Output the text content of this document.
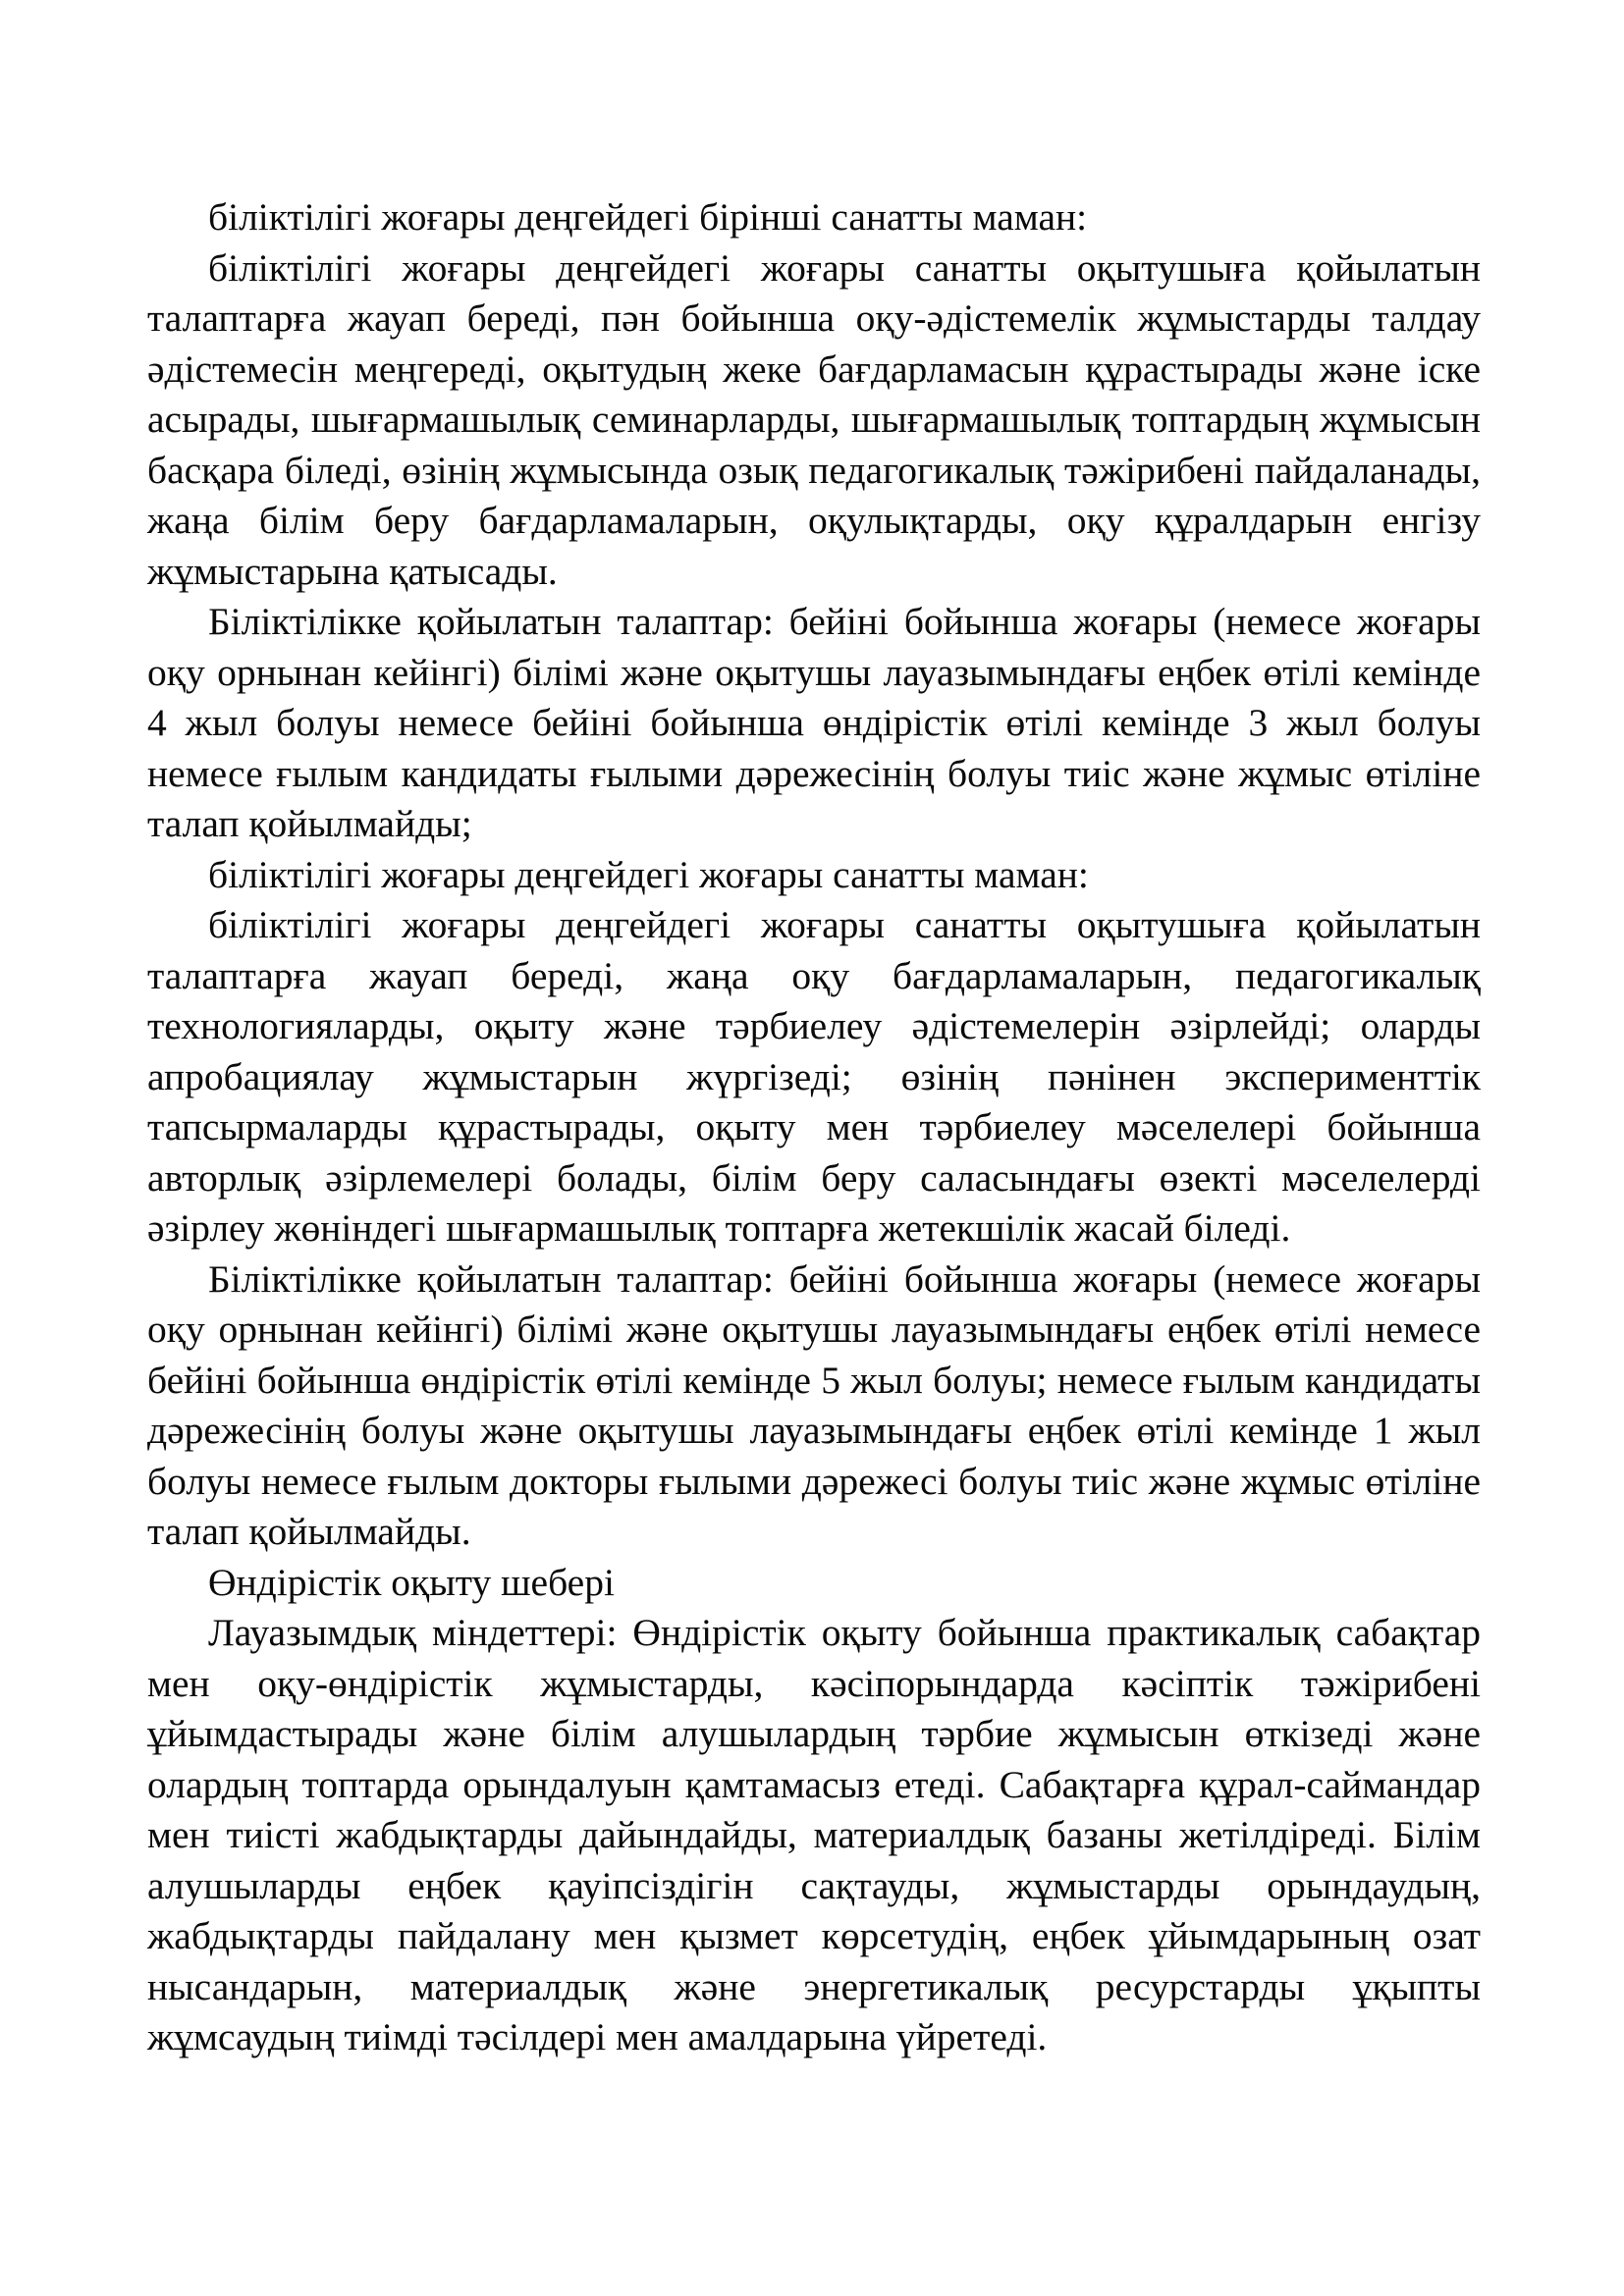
біліктілігі жоғары деңгейдегі бірінші санатты маман:

біліктілігі жоғары деңгейдегі жоғары санатты оқытушыға қойылатын талаптарға жауап береді, пән бойынша оқу-әдістемелік жұмыстарды талдау әдістемесін меңгереді, оқытудың жеке бағдарламасын құрастырады және іске асырады, шығармашылық семинарларды, шығармашылық топтардың жұмысын басқара біледі, өзінің жұмысында озық педагогикалық тәжірибені пайдаланады, жаңа білім беру бағдарламаларын, оқулықтарды, оқу құралдарын енгізу жұмыстарына қатысады.

Біліктілікке қойылатын талаптар: бейіні бойынша жоғары (немесе жоғары оқу орнынан кейінгі) білімі және оқытушы лауазымындағы еңбек өтілі кемінде 4 жыл болуы немесе бейіні бойынша өндірістік өтілі кемінде 3 жыл болуы немесе ғылым кандидаты ғылыми дәрежесінің болуы тиіс және жұмыс өтіліне талап қойылмайды;

біліктілігі жоғары деңгейдегі жоғары санатты маман:

біліктілігі жоғары деңгейдегі жоғары санатты оқытушыға қойылатын талаптарға жауап береді, жаңа оқу бағдарламаларын, педагогикалық технологияларды, оқыту және тәрбиелеу әдістемелерін әзірлейді; оларды апробациялау жұмыстарын жүргізеді; өзінің пәнінен эксперименттік тапсырмаларды құрастырады, оқыту мен тәрбиелеу мәселелері бойынша авторлық әзірлемелері болады, білім беру саласындағы өзекті мәселелерді әзірлеу жөніндегі шығармашылық топтарға жетекшілік жасай біледі.

Біліктілікке қойылатын талаптар: бейіні бойынша жоғары (немесе жоғары оқу орнынан кейінгі) білімі және оқытушы лауазымындағы еңбек өтілі немесе бейіні бойынша өндірістік өтілі кемінде 5 жыл болуы; немесе ғылым кандидаты дәрежесінің болуы және оқытушы лауазымындағы еңбек өтілі кемінде 1 жыл болуы немесе ғылым докторы ғылыми дәрежесі болуы тиіс және жұмыс өтіліне талап қойылмайды.

Өндірістік оқыту шебері

Лауазымдық міндеттері: Өндірістік оқыту бойынша практикалық сабақтар мен оқу-өндірістік жұмыстарды, кәсіпорындарда кәсіптік тәжірибені ұйымдастырады және білім алушылардың тәрбие жұмысын өткізеді және олардың топтарда орындалуын қамтамасыз етеді. Сабақтарға құрал-саймандар мен тиісті жабдықтарды дайындайды, материалдық базаны жетілдіреді. Білім алушыларды еңбек қауіпсіздігін сақтауды, жұмыстарды орындаудың, жабдықтарды пайдалану мен қызмет көрсетудің, еңбек ұйымдарының озат нысандарын, материалдық және энергетикалық ресурстарды ұқыпты жұмсаудың тиімді тәсілдері мен амалдарына үйретеді.
